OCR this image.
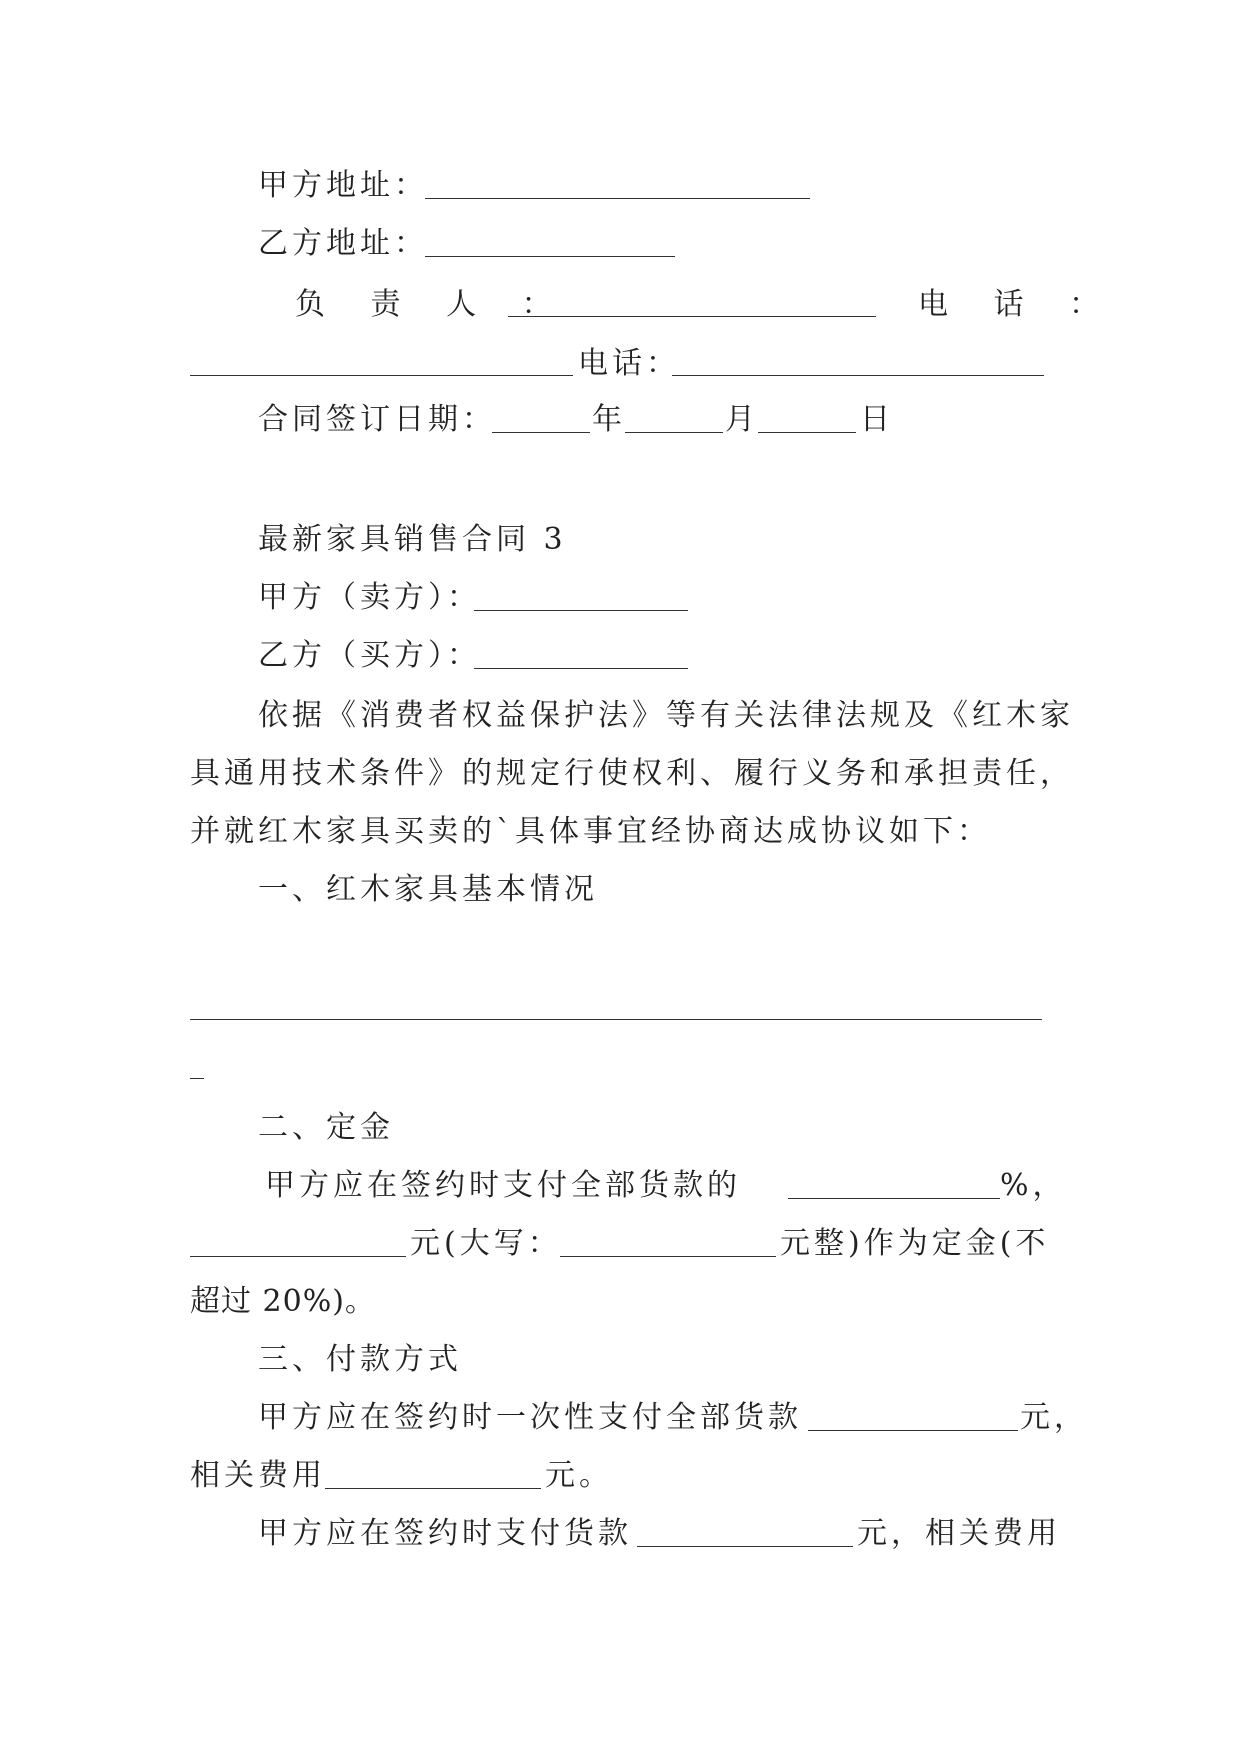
甲方地址：
乙方地址：
负 责 人 ：	电 话 ：
电话：
合同签订日期：	年	月	日
最新家具销售合同 3
甲方（卖方）：
乙方（买方）：
依据《消费者权益保护法》等有关法律法规及《红木家
具通用技术条件》的规定行使权利、履行义务和承担责任，
并就红木家具买卖的`具体事宜经协商达成协议如下：
一、红木家具基本情况
二、定金
甲方应在签约时支付全部货款的	%，
元(大写：	元整)作为定金(不
超过 20%)。
三、付款方式
甲方应在签约时一次性支付全部货款	元，
相关费用	元。
甲方应在签约时支付货款	元，相关费用
